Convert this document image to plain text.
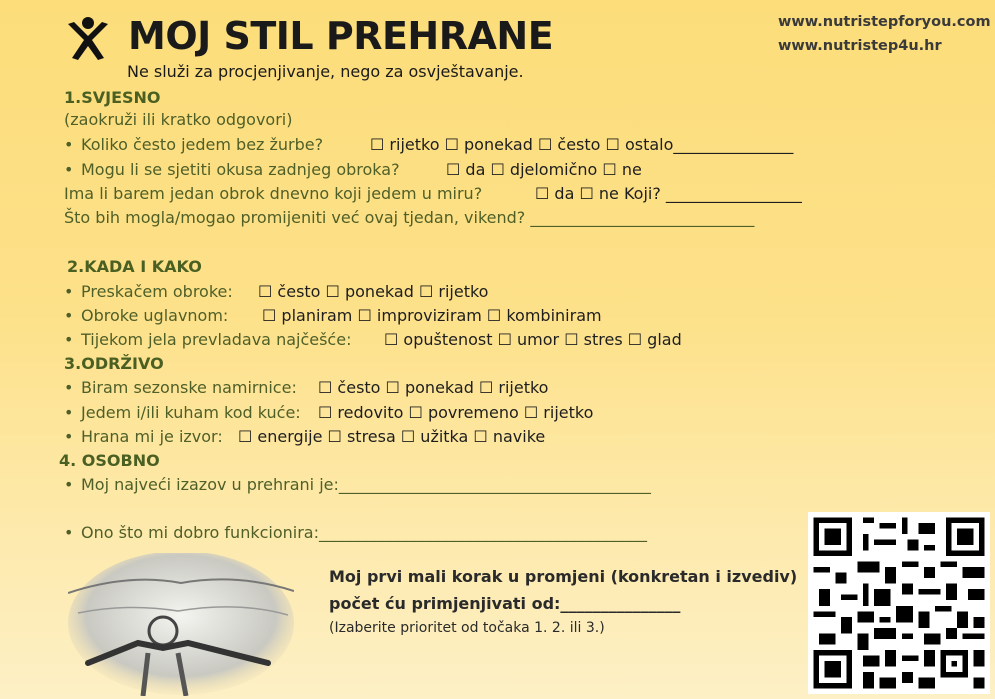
MOJ STIL PREHRANE
Ne služi za procjenjivanje, nego za osvještavanje.
www.nutristepforyou.com
www.nutristep4u.hr
1.SVJESNO
(zaokruži ili kratko odgovori)
• Koliko često jedem bez žurbe?	☐ rijetko ☐ ponekad ☐ često ☐ ostalo_______________
• Mogu li se sjetiti okusa zadnjeg obroka?	☐ da ☐ djelomično ☐ ne
Ima li barem jedan obrok dnevno koji jedem u miru?	☐ da ☐ ne Koji? _________________
Što bih mogla/mogao promijeniti već ovaj tjedan, vikend? ____________________________
2.KADA I KAKO
• Preskačem obroke: ☐ često ☐ ponekad ☐ rijetko
• Obroke uglavnom: ☐ planiram ☐ improviziram ☐ kombiniram
• Tijekom jela prevladava najčešće: ☐ opuštenost ☐ umor ☐ stres ☐ glad
3.ODRŽIVO
• Biram sezonske namirnice: ☐ često ☐ ponekad ☐ rijetko
• Jedem i/ili kuham kod kuće: ☐ redovito ☐ povremeno ☐ rijetko
• Hrana mi je izvor: ☐ energije ☐ stresa ☐ užitka ☐ navike
4. OSOBNO
• Moj najveći izazov u prehrani je:_______________________________________
• Ono što mi dobro funkcionira:_________________________________________
Moj prvi mali korak u promjeni (konkretan i izvediv)
počet ću primjenjivati od:_______________
(Izaberite prioritet od točaka 1. 2. ili 3.)
